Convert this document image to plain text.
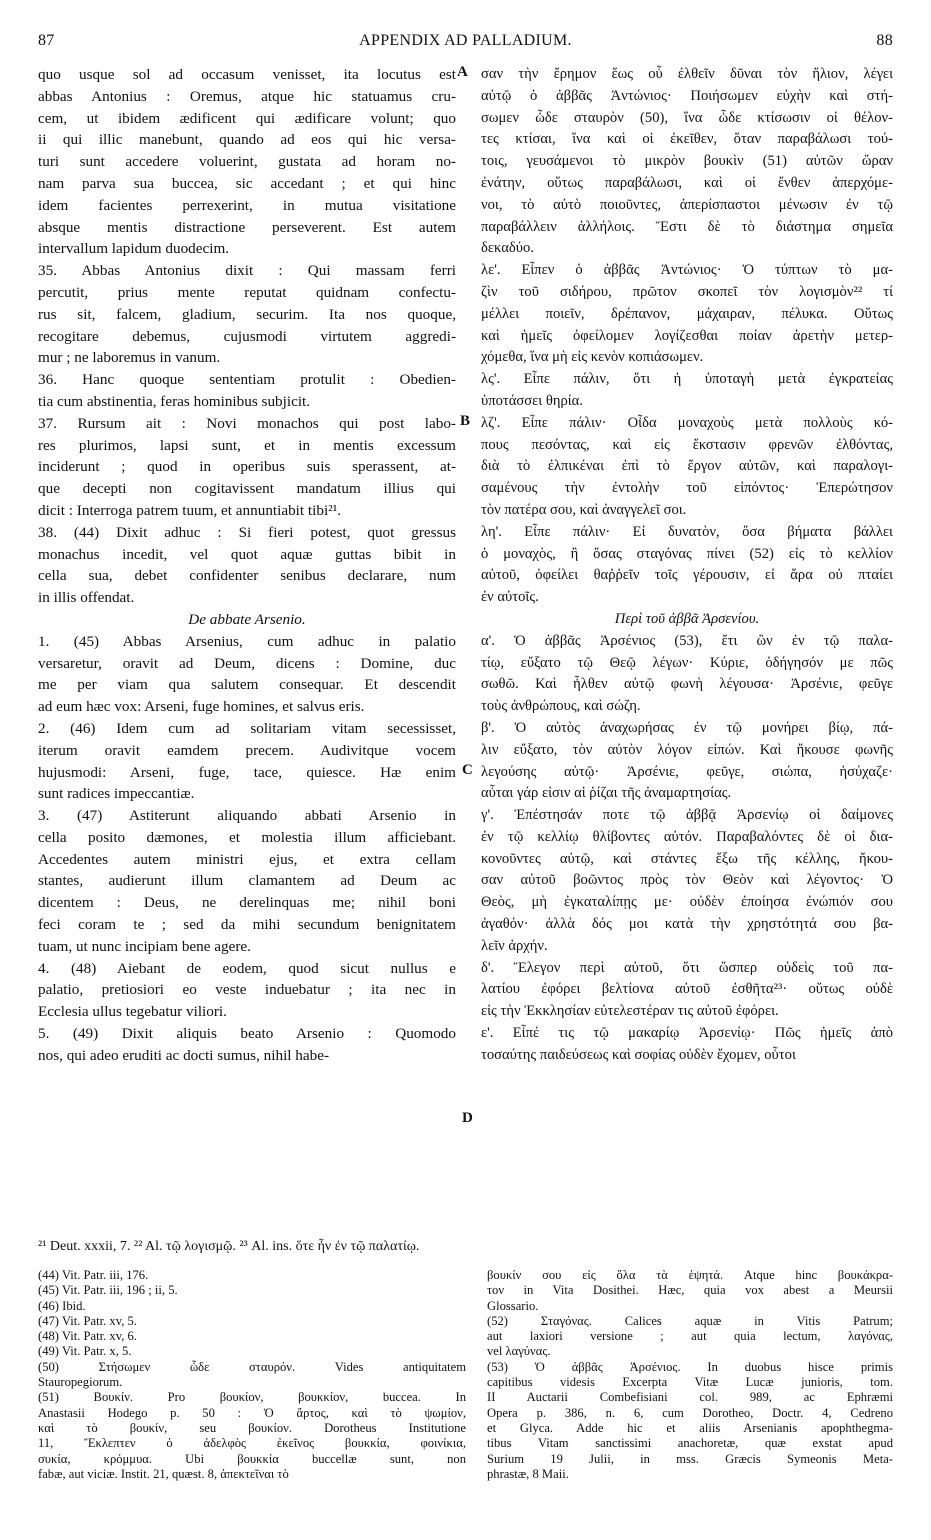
87	APPENDIX AD PALLADIUM.	88
quo usque sol ad occasum venisset, ita locutus est
abbas Antonius : Oremus, atque hic statuamus cru-
cem, ut ibidem ædificent qui ædificare volunt; quo
ii qui illic manebunt, quando ad eos qui hic versa-
turi sunt accedere voluerint, gustata ad horam no-
nam parva sua buccea, sic accedant ; et qui hinc
idem facientes perrexerint, in mutua visitatione
absque mentis distractione perseverent. Est autem
intervallum lapidum duodecim.
35. Abbas Antonius dixit : Qui massam ferri
percutit, prius mente reputat quidnam confectu-
rus sit, falcem, gladium, securim. Ita nos quoque,
recogitare debemus, cujusmodi virtutem aggredi-
mur ; ne laboremus in vanum.
36. Hanc quoque sententiam protulit : Obedien-
tia cum abstinentia, feras hominibus subjicit.
37. Rursum ait : Novi monachos qui post labo-
res plurimos, lapsi sunt, et in mentis excessum
inciderunt ; quod in operibus suis sperassent, at-
que decepti non cogitavissent mandatum illius qui
dicit : Interroga patrem tuum, et annuntiabit tibi²¹.
38. (44) Dixit adhuc : Si fieri potest, quot gressus
monachus incedit, vel quot aquæ guttas bibit in
cella sua, debet confidenter senibus declarare, num
in illis offendat.
De abbate Arsenio.
1. (45) Abbas Arsenius, cum adhuc in palatio
versaretur, oravit ad Deum, dicens : Domine, duc
me per viam qua salutem consequar. Et descendit
ad eum hæc vox: Arseni, fuge homines, et salvus eris.
2. (46) Idem cum ad solitariam vitam secessisset,
iterum oravit eamdem precem. Audivitque vocem
hujusmodi: Arseni, fuge, tace, quiesce. Hæ enim
sunt radices impeccantiæ.
3. (47) Astiterunt aliquando abbati Arsenio in
cella posito dæmones, et molestia illum afficiebant.
Accedentes autem ministri ejus, et extra cellam
stantes, audierunt illum clamantem ad Deum ac
dicentem : Deus, ne derelinquas me; nihil boni
feci coram te ; sed da mihi secundum benignitatem
tuam, ut nunc incipiam bene agere.
4. (48) Aiebant de eodem, quod sicut nullus e
palatio, pretiosiori eo veste induebatur ; ita nec in
Ecclesia ullus tegebatur viliori.
5. (49) Dixit aliquis beato Arsenio : Quomodo
nos, qui adeo eruditi ac docti sumus, nihil habe-
σαν τὴν ἔρημον ἕως οὗ ἐλθεῖν δῦναι τὸν ἥλιον, λέγει
αὐτῷ ὁ ἀββᾶς Ἀντώνιος· Ποιήσωμεν εὐχὴν καὶ στή-
σωμεν ὧδε σταυρὸν (50), ἵνα ὧδε κτίσωσιν οἱ θέλον-
τες κτίσαι, ἵνα καὶ οἱ ἐκεῖθεν, ὅταν παραβάλωσι τού-
τοις, γευσάμενοι τὸ μικρὸν βουκὶν (51) αὐτῶν ὥραν
ἐνάτην, οὕτως παραβάλωσι, καὶ οἱ ἔνθεν ἀπερχόμε-
νοι, τὸ αὐτὸ ποιοῦντες, ἀπερίσπαστοι μένωσιν ἐν τῷ
παραβάλλειν ἀλλήλοις. Ἔστι δὲ τὸ διάστημα σημεῖα
δεκαδύο.
λε'. Εἶπεν ὁ ἀββᾶς Ἀντώνιος· Ὁ τύπτων τὸ μα-
ζὶν τοῦ σιδήρου, πρῶτον σκοπεῖ τὸν λογισμὸν²² τί
μέλλει ποιεῖν, δρέπανον, μάχαιραν, πέλυκα. Οὕτως
καὶ ἡμεῖς ὀφείλομεν λογίζεσθαι ποίαν ἀρετὴν μετερ-
χόμεθα, ἵνα μὴ εἰς κενὸν κοπιάσωμεν.
λς'. Εἶπε πάλιν, ὅτι ἡ ὑποταγὴ μετὰ ἐγκρατείας
ὑποτάσσει θηρία.
λζ'. Εἶπε πάλιν· Οἶδα μοναχοὺς μετὰ πολλοὺς κό-
πους πεσόντας, καὶ εἰς ἔκστασιν φρενῶν ἐλθόντας,
διὰ τὸ ἐλπικέναι ἐπὶ τὸ ἔργον αὐτῶν, καὶ παραλογι-
σαμένους τὴν ἐντολὴν τοῦ εἰπόντος· Ἐπερώτησον
τὸν πατέρα σου, καὶ ἀναγγελεῖ σοι.
λη'. Εἶπε πάλιν· Εἰ δυνατὸν, ὅσα βήματα βάλλει
ὁ μοναχὸς, ἢ ὅσας σταγόνας πίνει (52) εἰς τὸ κελλίον
αὐτοῦ, ὀφείλει θαῤῥεῖν τοῖς γέρουσιν, εἰ ἄρα οὐ πταίει
ἐν αὐτοῖς.
Περὶ τοῦ ἀββᾶ Ἀρσενίου.
α'. Ὁ ἀββᾶς Ἀρσένιος (53), ἔτι ὢν ἐν τῷ παλα-
τίῳ, εὔξατο τῷ Θεῷ λέγων· Κύριε, ὁδήγησόν με πῶς
σωθῶ. Καὶ ἦλθεν αὐτῷ φωνὴ λέγουσα· Ἀρσένιε, φεῦγε
τοὺς ἀνθρώπους, καὶ σώζη.
β'. Ὁ αὐτὸς ἀναχωρήσας ἐν τῷ μονήρει βίῳ, πά-
λιν εὔξατο, τὸν αὐτὸν λόγον εἰπών. Καὶ ἤκουσε φωνῆς
λεγούσης αὐτῷ· Ἀρσένιε, φεῦγε, σιώπα, ἡσύχαζε·
αὗται γάρ εἰσιν αἱ ῥίζαι τῆς ἀναμαρτησίας.
γ'. Ἐπέστησάν ποτε τῷ ἀββᾷ Ἀρσενίῳ οἱ δαίμονες
ἐν τῷ κελλίῳ θλίβοντες αὐτόν. Παραβαλόντες δὲ οἱ δια-
κονοῦντες αὐτῷ, καὶ στάντες ἔξω τῆς κέλλης, ἤκου-
σαν αὐτοῦ βοῶντος πρὸς τὸν Θεὸν καὶ λέγοντος· Ὁ
Θεὸς, μὴ ἐγκαταλίπῃς με· οὐδὲν ἐποίησα ἐνώπιόν σου
ἀγαθόν· ἀλλὰ δός μοι κατὰ τὴν χρηστότητά σου βα-
λεῖν ἀρχήν.
δ'. Ἔλεγον περὶ αὐτοῦ, ὅτι ὥσπερ οὐδεὶς τοῦ πα-
λατίου ἐφόρει βελτίονα αὐτοῦ ἐσθῆτα²³· οὕτως οὐδὲ
εἰς τὴν Ἐκκλησίαν εὐτελεστέραν τις αὐτοῦ ἐφόρει.
ε'. Εἶπέ τις τῷ μακαρίῳ Ἀρσενίῳ· Πῶς ἡμεῖς ἀπὸ
τοσαύτης παιδεύσεως καὶ σοφίας οὐδὲν ἔχομεν, οὗτοι
A
B
C
D
²¹ Deut. xxxii, 7. ²² Al. τῷ λογισμῷ. ²³ Al. ins. ὅτε ἦν ἐν τῷ παλατίῳ.
(44) Vit. Patr. iii, 176.
(45) Vit. Patr. iii, 196 ; ii, 5.
(46) Ibid.
(47) Vit. Patr. xv, 5.
(48) Vit. Patr. xv, 6.
(49) Vit. Patr. x, 5.
(50) Στήσωμεν ὧδε σταυρόν. Vides antiquitatem
Stauropegiorum.
(51) Βουκίν. Pro βουκίον, βουκκίον, buccea. In
Anastasii Hodego p. 50 : Ὁ ἄρτος, καὶ τὸ ψωμίον,
καὶ τὸ βουκίν, seu βουκίον. Dorotheus Institutione
11, Ἔκλεπτεν ὁ ἀδελφὸς ἐκεῖνος βουκκία, φοινίκια,
συκία, κρόμμυα. Ubi βουκκία buccellæ sunt, non
fabæ, aut viciæ. Instit. 21, quæst. 8, ἀπεκτεῖναι τὸ
βουκίν σου εἰς ὅλα τὰ ἑψητά. Atque hinc βουκάκρα-
τον in Vita Dosithei. Hæc, quia vox abest a Meursii
Glossario.
(52) Σταγόνας. Calices aquæ in Vitis Patrum;
aut laxiori versione ; aut quia lectum, λαγόνας,
vel λαγύνας.
(53) Ὁ ἀββᾶς Ἀρσένιος. In duobus hisce primis
capitibus videsis Excerpta Vitæ Lucæ junioris, tom.
II Auctarii Combefisiani col. 989, ac Ephræmi
Opera p. 386, n. 6, cum Dorotheo, Doctr. 4, Cedreno
et Glyca. Adde hic et aliis Arsenianis apophthegma-
tibus Vitam sanctissimi anachoretæ, quæ exstat apud
Surium 19 Julii, in mss. Græcis Symeonis Meta-
phrastæ, 8 Maii.
